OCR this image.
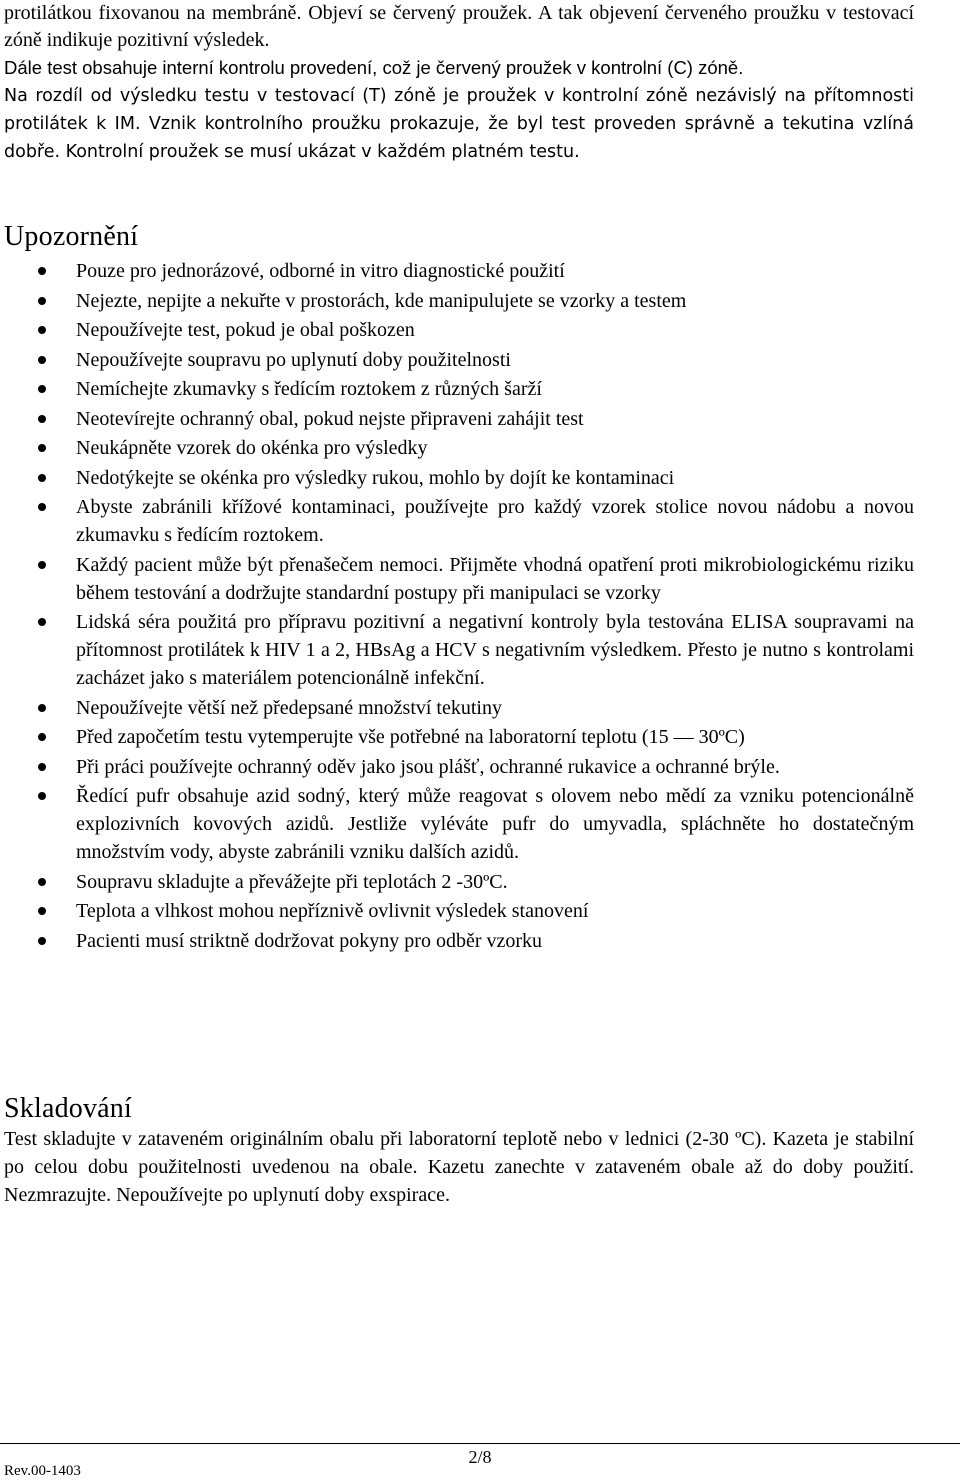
protilátkou fixovanou na membráně. Objeví se červený proužek. A tak objevení červeného proužku v testovací zóně indikuje pozitivní výsledek.
Dále test obsahuje interní kontrolu provedení, což je červený proužek v kontrolní (C) zóně.
Na rozdíl od výsledku testu v testovací (T) zóně je proužek v kontrolní zóně nezávislý na přítomnosti protilátek k IM. Vznik kontrolního proužku prokazuje, že byl test proveden správně a tekutina vzlíná dobře. Kontrolní proužek se musí ukázat v každém platném testu.

Upozornění
Pouze pro jednorázové, odborné in vitro diagnostické použití
Nejezte, nepijte a nekuřte v prostorách, kde manipulujete se vzorky a testem
Nepoužívejte test, pokud je obal poškozen
Nepoužívejte soupravu po uplynutí doby použitelnosti
Nemíchejte zkumavky s ředícím roztokem z různých šarží
Neotevírejte ochranný obal, pokud nejste připraveni zahájit test
Neukápněte vzorek do okénka pro výsledky
Nedotýkejte se okénka pro výsledky rukou, mohlo by dojít ke kontaminaci
Abyste zabránili křížové kontaminaci, používejte pro každý vzorek stolice novou nádobu a novou zkumavku s ředícím roztokem.
Každý pacient může být přenašečem nemoci. Přijměte vhodná opatření proti mikrobiologickému riziku během testování a dodržujte standardní postupy při manipulaci se vzorky
Lidská séra použitá pro přípravu pozitivní a negativní kontroly byla testována ELISA soupravami na přítomnost protilátek k HIV 1 a 2, HBsAg a HCV s negativním výsledkem. Přesto je nutno s kontrolami zacházet jako s materiálem potencionálně infekční.
Nepoužívejte větší než předepsané množství tekutiny
Před započetím testu vytemperujte vše potřebné na laboratorní teplotu (15 — 30ºC)
Při práci používejte ochranný oděv jako jsou plášť, ochranné rukavice a ochranné brýle.
Ředící pufr obsahuje azid sodný, který může reagovat s olovem nebo mědí za vzniku potencionálně explozivních kovových azidů. Jestliže vyléváte pufr do umyvadla, spláchněte ho dostatečným množstvím vody, abyste zabránili vzniku dalších azidů.
Soupravu skladujte a převážejte při teplotách 2 -30ºC.
Teplota a vlhkost mohou nepříznivě ovlivnit výsledek stanovení
Pacienti musí striktně dodržovat pokyny pro odběr vzorku
Skladování

Test skladujte v zataveném originálním obalu při laboratorní teplotě nebo v lednici (2-30 ºC). Kazeta je stabilní po celou dobu použitelnosti uvedenou na obale. Kazetu zanechte v zataveném obale až do doby použití. Nezmrazujte. Nepoužívejte po uplynutí doby exspirace.

2/8
Rev.00-1403
